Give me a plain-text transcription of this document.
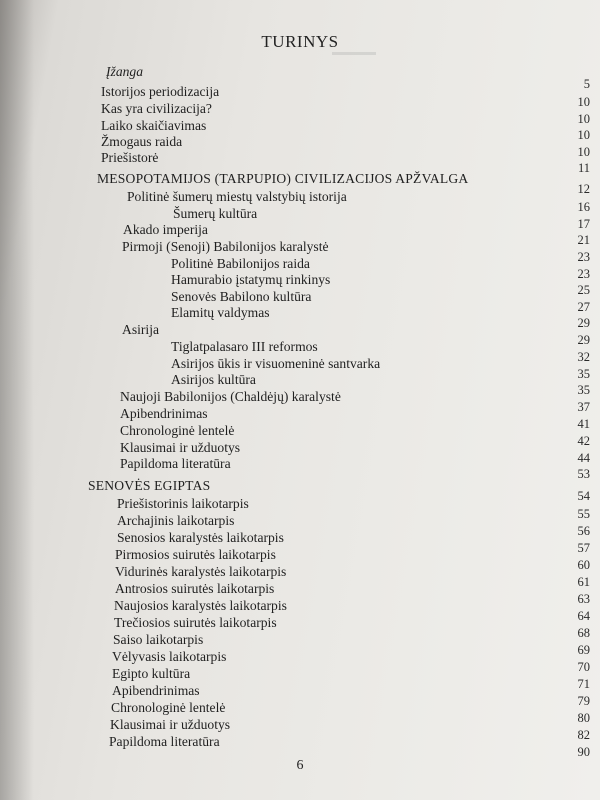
TURINYS
Įžanga
5
Istorijos periodizacija
10
Kas yra civilizacija?
10
Laiko skaičiavimas
10
Žmogaus raida
10
Priešistorė
11
MESOPOTAMIJOS (TARPUPIO) CIVILIZACIJOS APŽVALGA
12
Politinė šumerų miestų valstybių istorija
16
Šumerų kultūra
17
Akado imperija
21
Pirmoji (Senoji) Babilonijos karalystė
23
Politinė Babilonijos raida
23
Hamurabio įstatymų rinkinys
25
Senovės Babilono kultūra
27
Elamitų valdymas
29
Asirija
29
Tiglatpalasaro III reformos
32
Asirijos ūkis ir visuomeninė santvarka
35
Asirijos kultūra
35
Naujoji Babilonijos (Chaldėjų) karalystė
37
Apibendrinimas
41
Chronologinė lentelė
42
Klausimai ir užduotys
44
Papildoma literatūra
53
SENOVĖS EGIPTAS
54
Priešistorinis laikotarpis
55
Archajinis laikotarpis
56
Senosios karalystės laikotarpis
57
Pirmosios suirutės laikotarpis
60
Vidurinės karalystės laikotarpis
61
Antrosios suirutės laikotarpis
63
Naujosios karalystės laikotarpis
64
Trečiosios suirutės laikotarpis
68
Saiso laikotarpis
69
Vėlyvasis laikotarpis
70
Egipto kultūra
71
Apibendrinimas
79
Chronologinė lentelė
80
Klausimai ir užduotys
82
Papildoma literatūra
90
6
